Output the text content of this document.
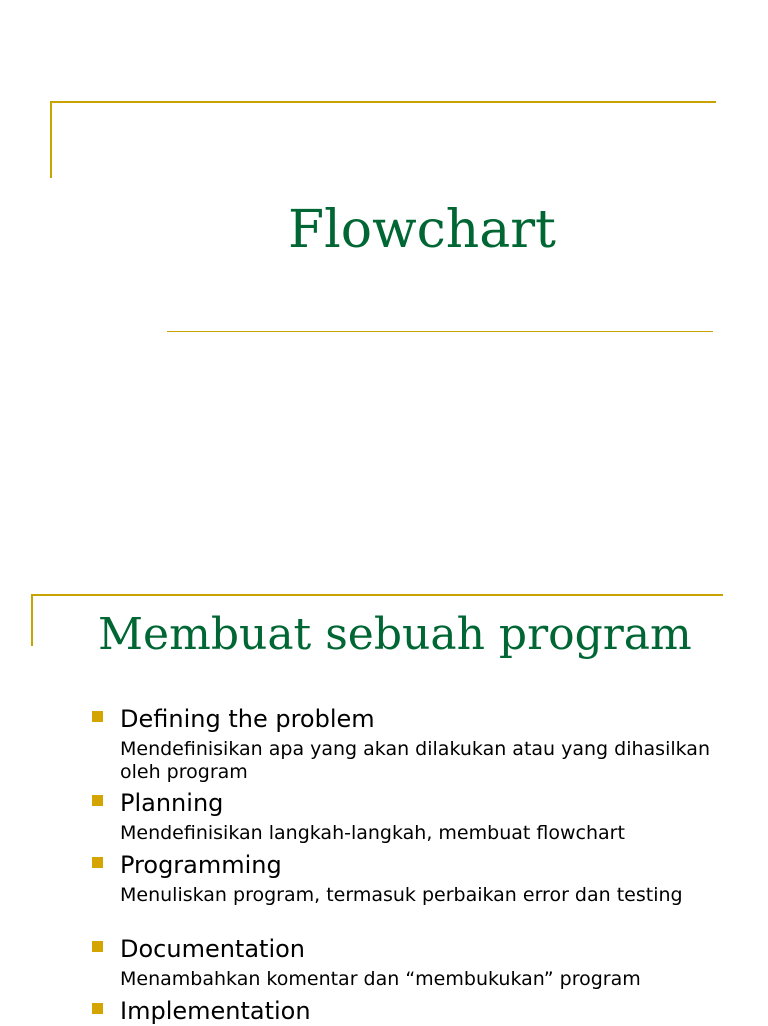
Flowchart
Membuat sebuah program

Defining the problem

Mendefinisikan apa yang akan dilakukan atau yang dihasilkan oleh program

Planning

Mendefinisikan langkah-langkah, membuat flowchart

Programming

Menuliskan program, termasuk perbaikan error dan testing

Documentation

Menambahkan komentar dan “membukukan” program

Implementation
